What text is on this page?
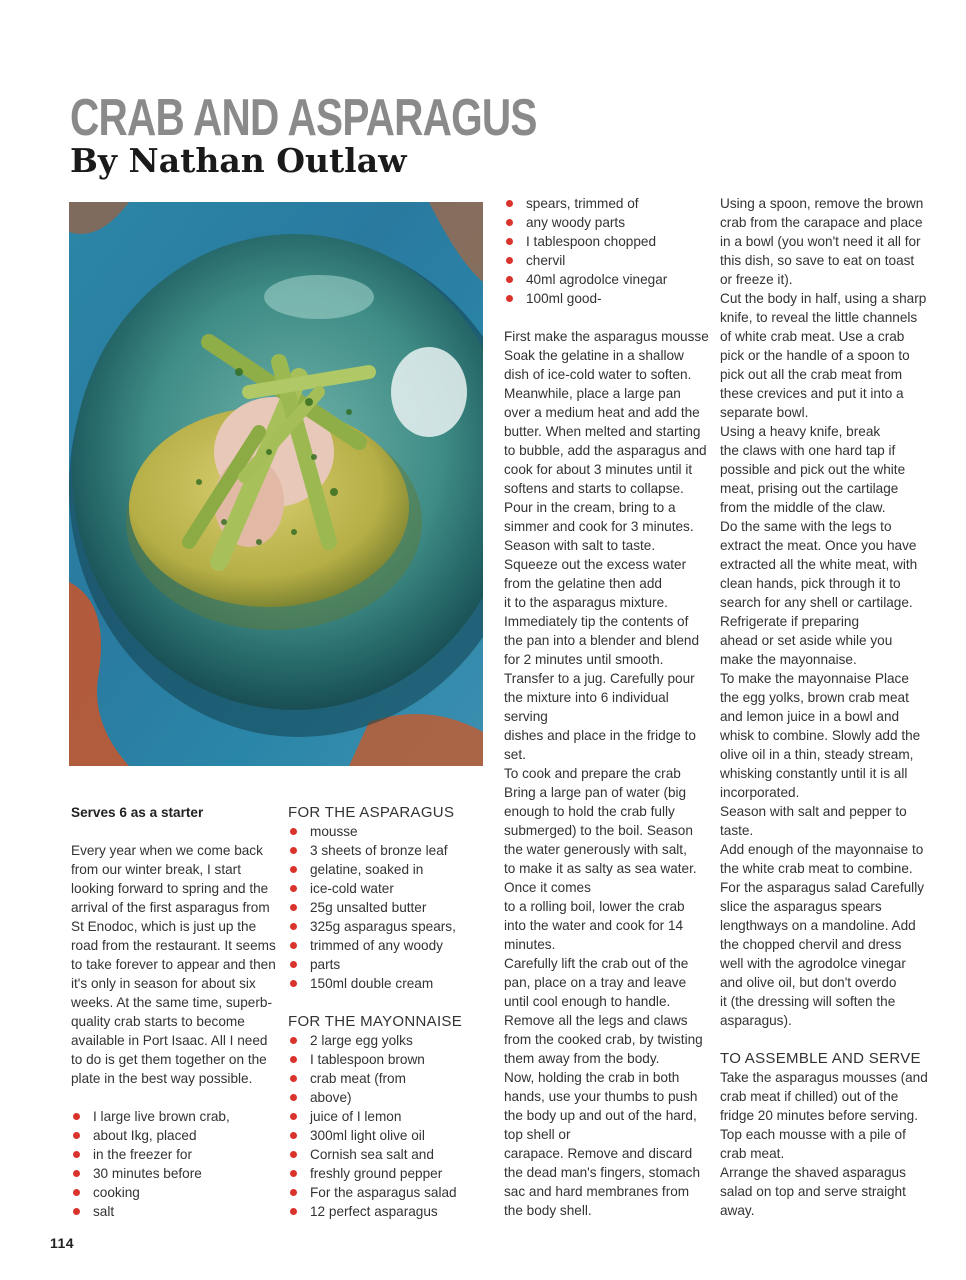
CRAB AND ASPARAGUS
By Nathan Outlaw

Serves 6 as a starter

Every year when we come back
from our winter break, I start
looking forward to spring and the
arrival of the first asparagus from
St Enodoc, which is just up the
road from the restaurant. It seems
to take forever to appear and then
it's only in season for about six
weeks. At the same time, superb-
quality crab starts to become
available in Port Isaac. All I need
to do is get them together on the
plate in the best way possible.
I large live brown crab,
about Ikg, placed
in the freezer for
30 minutes before
cooking
salt

FOR THE ASPARAGUS

mousse
3 sheets of bronze leaf
gelatine, soaked in
ice-cold water
25g unsalted butter
325g asparagus spears,
trimmed of any woody
parts
150ml double cream

FOR THE MAYONNAISE

2 large egg yolks
I tablespoon brown
crab meat (from
above)
juice of I lemon
300ml light olive oil
Cornish sea salt and
freshly ground pepper
For the asparagus salad
12 perfect asparagus
spears, trimmed of
any woody parts
I tablespoon chopped
chervil
40ml agrodolce vinegar
100ml good-
First make the asparagus mousse
Soak the gelatine in a shallow
dish of ice-cold water to soften.
Meanwhile, place a large pan
over a medium heat and add the
butter. When melted and starting
to bubble, add the asparagus and
cook for about 3 minutes until it
softens and starts to collapse.
Pour in the cream, bring to a
simmer and cook for 3 minutes.
Season with salt to taste.
Squeeze out the excess water
from the gelatine then add
it to the asparagus mixture.
Immediately tip the contents of
the pan into a blender and blend
for 2 minutes until smooth.
Transfer to a jug. Carefully pour
the mixture into 6 individual
serving
dishes and place in the fridge to
set.
To cook and prepare the crab
Bring a large pan of water (big
enough to hold the crab fully
submerged) to the boil. Season
the water generously with salt,
to make it as salty as sea water.
Once it comes
to a rolling boil, lower the crab
into the water and cook for 14
minutes.
Carefully lift the crab out of the
pan, place on a tray and leave
until cool enough to handle.
Remove all the legs and claws
from the cooked crab, by twisting
them away from the body.
Now, holding the crab in both
hands, use your thumbs to push
the body up and out of the hard,
top shell or
carapace. Remove and discard
the dead man's fingers, stomach
sac and hard membranes from
the body shell.
Using a spoon, remove the brown
crab from the carapace and place
in a bowl (you won't need it all for
this dish, so save to eat on toast
or freeze it).
Cut the body in half, using a sharp
knife, to reveal the little channels
of white crab meat. Use a crab
pick or the handle of a spoon to
pick out all the crab meat from
these crevices and put it into a
separate bowl.
Using a heavy knife, break
the claws with one hard tap if
possible and pick out the white
meat, prising out the cartilage
from the middle of the claw.
Do the same with the legs to
extract the meat. Once you have
extracted all the white meat, with
clean hands, pick through it to
search for any shell or cartilage.
Refrigerate if preparing
ahead or set aside while you
make the mayonnaise.
To make the mayonnaise Place
the egg yolks, brown crab meat
and lemon juice in a bowl and
whisk to combine. Slowly add the
olive oil in a thin, steady stream,
whisking constantly until it is all
incorporated.
Season with salt and pepper to
taste.
Add enough of the mayonnaise to
the white crab meat to combine.
For the asparagus salad Carefully
slice the asparagus spears
lengthways on a mandoline. Add
the chopped chervil and dress
well with the agrodolce vinegar
and olive oil, but don't overdo
it (the dressing will soften the
asparagus).

TO ASSEMBLE AND SERVE

Take the asparagus mousses (and
crab meat if chilled) out of the
fridge 20 minutes before serving.
Top each mousse with a pile of
crab meat.
Arrange the shaved asparagus
salad on top and serve straight
away.
114
